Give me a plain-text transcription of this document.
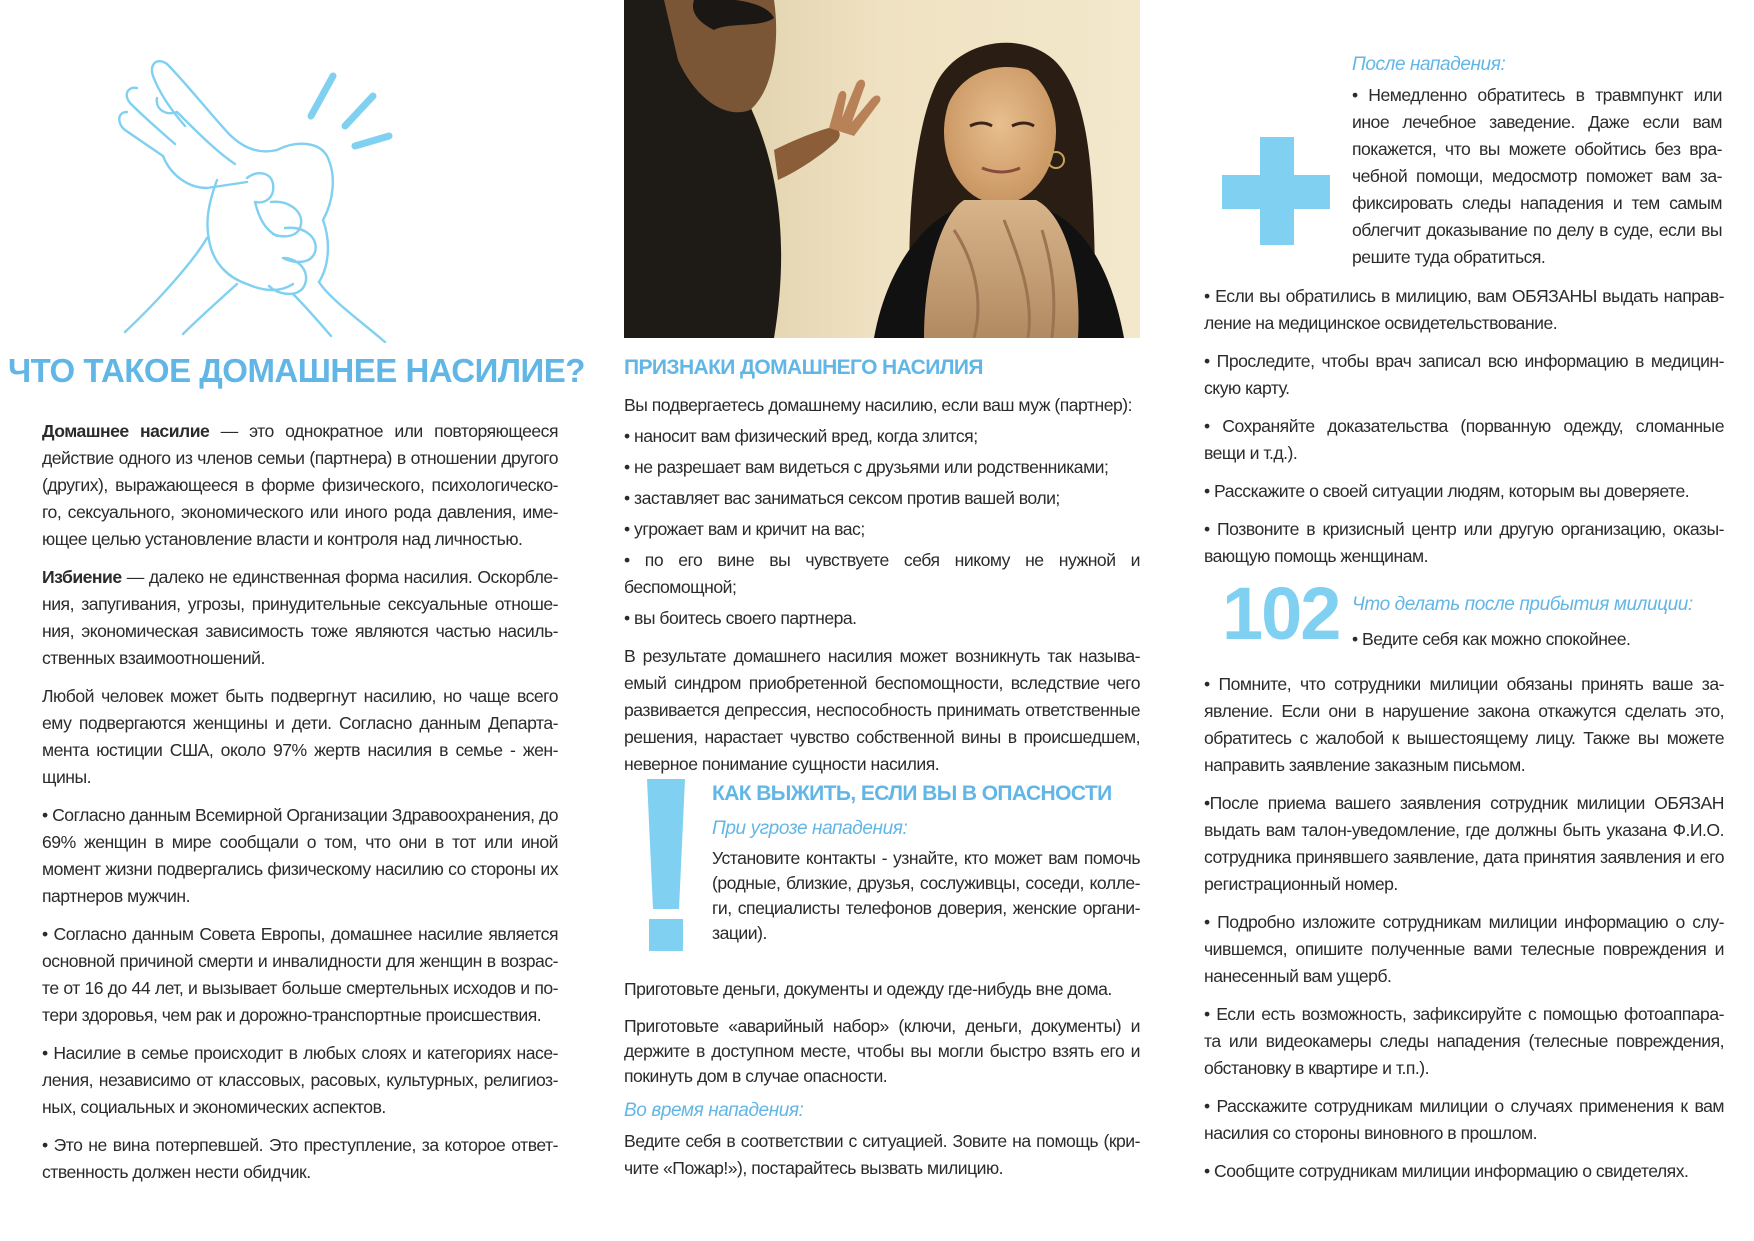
ЧТО ТАКОЕ ДОМАШНЕЕ НАСИЛИЕ?

Домашнее насилие — это однократное или повторяющееся действие одного из членов семьи (партнера) в отношении другого (других), выражающееся в форме физического, психологическо-го, сексуального, экономического или иного рода давления, име-ющее целью установление власти и контроля над личностью.

Избиение — далеко не единственная форма насилия. Оскорбле-ния, запугивания, угрозы, принудительные сексуальные отноше-ния, экономическая зависимость тоже являются частью насиль-ственных взаимоотношений.

Любой человек может быть подвергнут насилию, но чаще всего ему подвергаются женщины и дети. Согласно данным Департа-мента юстиции США, около 97% жертв насилия в семье - жен-щины.

• Согласно данным Всемирной Организации Здравоохранения, до 69% женщин в мире сообщали о том, что они в тот или иной момент жизни подвергались физическому насилию со стороны их партнеров мужчин.

• Согласно данным Совета Европы, домашнее насилие является основной причиной смерти и инвалидности для женщин в возрас-те от 16 до 44 лет, и вызывает больше смертельных исходов и по-тери здоровья, чем рак и дорожно-транспортные происшествия.

• Насилие в семье происходит в любых слоях и категориях насе-ления, независимо от классовых, расовых, культурных, религиоз-ных, социальных и экономических аспектов.

• Это не вина потерпевшей. Это преступление, за которое ответ-ственность должен нести обидчик.

ПРИЗНАКИ ДОМАШНЕГО НАСИЛИЯ

Вы подвергаетесь домашнему насилию, если ваш муж (партнер):

• наносит вам физический вред, когда злится;

• не разрешает вам видеться с друзьями или родственниками;

• заставляет вас заниматься сексом против вашей воли;

• угрожает вам и кричит на вас;

• по его вине вы чувствуете себя никому не нужной и беспомощной;

• вы боитесь своего партнера.

В результате домашнего насилия может возникнуть так называ-емый синдром приобретенной беспомощности, вследствие чего развивается депрессия, неспособность принимать ответственные решения, нарастает чувство собственной вины в происшедшем, неверное понимание сущности насилия.

КАК ВЫЖИТЬ, ЕСЛИ ВЫ В ОПАСНОСТИ
При угрозе нападения:

Установите контакты - узнайте, кто может вам помочь (родные, близкие, друзья, сослуживцы, соседи, колле-ги, специалисты телефонов доверия, женские органи-зации).

Приготовьте деньги, документы и одежду где-нибудь вне дома.

Приготовьте «аварийный набор» (ключи, деньги, документы) и держите в доступном месте, чтобы вы могли быстро взять его и покинуть дом в случае опасности.

Во время нападения:

Ведите себя в соответствии с ситуацией. Зовите на помощь (кри-чите «Пожар!»), постарайтесь вызвать милицию.

После нападения:

• Немедленно обратитесь в травмпункт или иное лечебное заведение. Даже если вам покажется, что вы можете обойтись без вра-чебной помощи, медосмотр поможет вам за-фиксировать следы нападения и тем самым облегчит доказывание по делу в суде, если вы решите туда обратиться.

• Если вы обратились в милицию, вам ОБЯЗАНЫ выдать направ-ление на медицинское освидетельствование.

• Проследите, чтобы врач записал всю информацию в медицин-скую карту.

• Сохраняйте доказательства (порванную одежду, сломанные вещи и т.д.).

• Расскажите о своей ситуации людям, которым вы доверяете.

• Позвоните в кризисный центр или другую организацию, оказы-вающую помощь женщинам.

102 Что делать после прибытия милиции:

• Ведите себя как можно спокойнее.

• Помните, что сотрудники милиции обязаны принять ваше за-явление. Если они в нарушение закона откажутся сделать это, обратитесь с жалобой к вышестоящему лицу. Также вы можете направить заявление заказным письмом.

•После приема вашего заявления сотрудник милиции ОБЯЗАН выдать вам талон-уведомление, где должны быть указана Ф.И.О. сотрудника принявшего заявление, дата принятия заявления и его регистрационный номер.

• Подробно изложите сотрудникам милиции информацию о слу-чившемся, опишите полученные вами телесные повреждения и нанесенный вам ущерб.

• Если есть возможность, зафиксируйте с помощью фотоаппара-та или видеокамеры следы нападения (телесные повреждения, обстановку в квартире и т.п.).

• Расскажите сотрудникам милиции о случаях применения к вам насилия со стороны виновного в прошлом.

• Сообщите сотрудникам милиции информацию о свидетелях.
